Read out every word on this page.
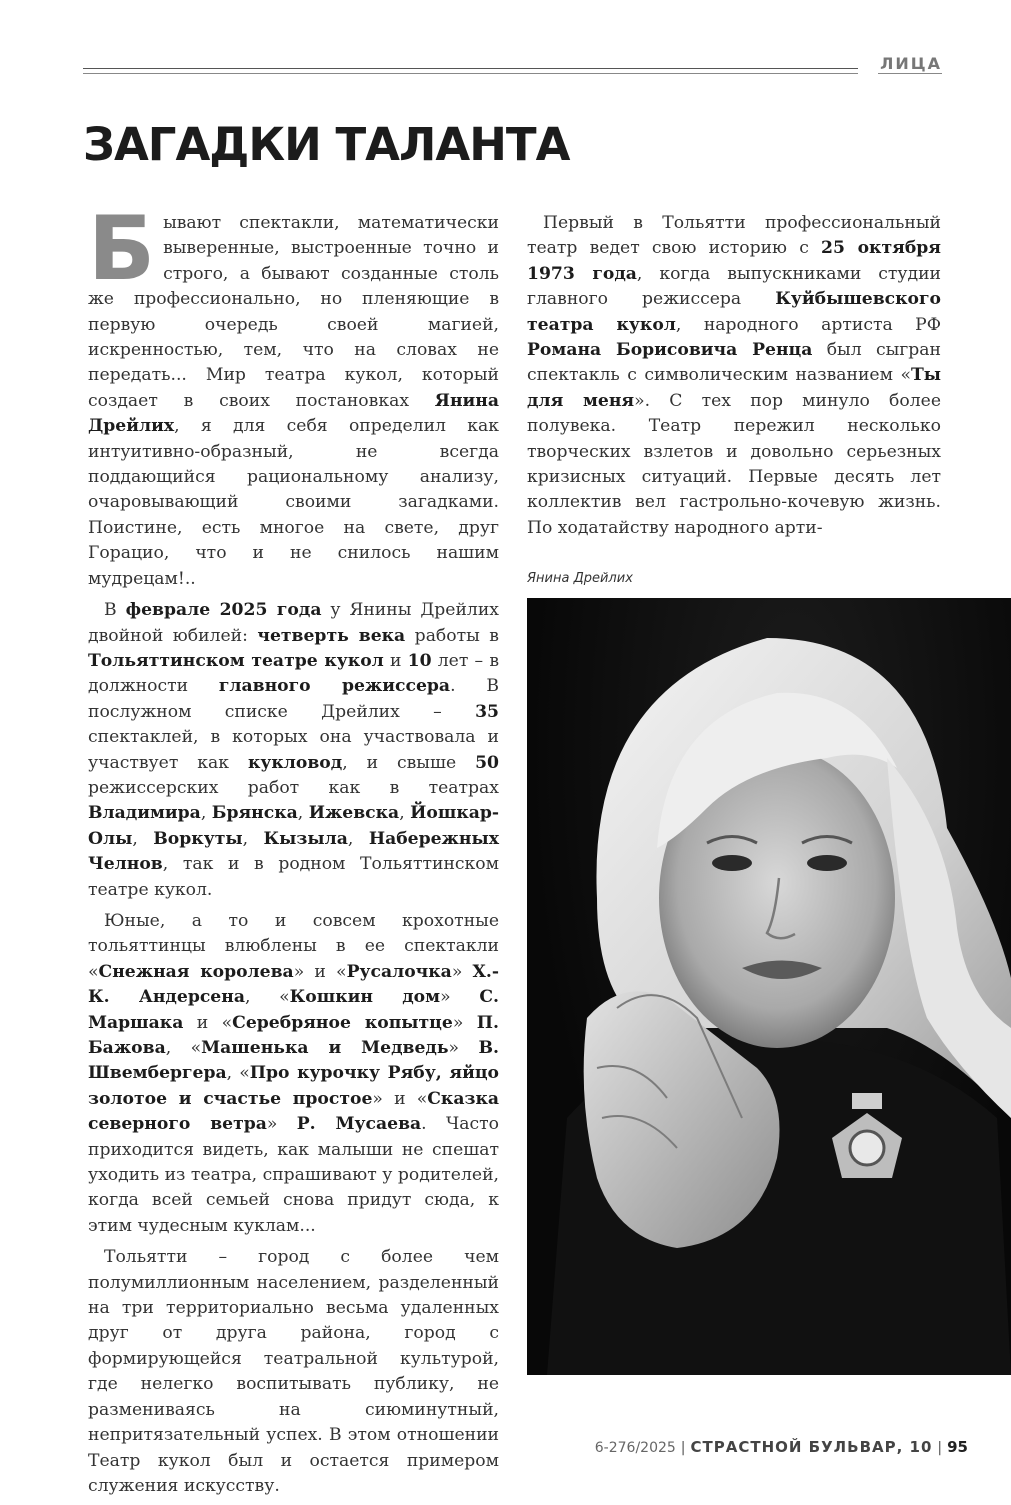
ЛИЦА
ЗАГАДКИ ТАЛАНТА

Бывают спектакли, математически выверенные, выстроенные точно и строго, а бывают созданные столь же профессионально, но пленяющие в первую очередь своей магией, искренностью, тем, что на словах не передать... Мир театра кукол, который создает в своих постановках Янина Дрейлих, я для себя определил как интуитивно-образный, не всегда поддающийся рациональному анализу, очаровывающий своими загадками. Поистине, есть многое на свете, друг Горацио, что и не снилось нашим мудрецам!..

В феврале 2025 года у Янины Дрейлих двойной юбилей: четверть века работы в Тольяттинском театре кукол и 10 лет – в должности главного режиссера. В послужном списке Дрейлих – 35 спектаклей, в которых она участвовала и участвует как кукловод, и свыше 50 режиссерских работ как в театрах Владимира, Брянска, Ижевска, Йошкар-Олы, Воркуты, Кызыла, Набережных Челнов, так и в родном Тольяттинском театре кукол.

Юные, а то и совсем крохотные тольяттинцы влюблены в ее спектакли «Снежная королева» и «Русалочка» Х.-К. Андерсена, «Кошкин дом» С. Маршака и «Серебряное копытце» П. Бажова, «Машенька и Медведь» В. Швембергера, «Про курочку Рябу, яйцо золотое и счастье простое» и «Сказка северного ветра» Р. Мусаева. Часто приходится видеть, как малыши не спешат уходить из театра, спрашивают у родителей, когда всей семьей снова придут сюда, к этим чудесным куклам...

Тольятти – город с более чем полумиллионным населением, разделенный на три территориально весьма удаленных друг от друга района, город с формирующейся театральной культурой, где нелегко воспитывать публику, не размениваясь на сиюминутный, непритязательный успех. В этом отношении Театр кукол был и остается примером служения искусству.

Первый в Тольятти профессиональный театр ведет свою историю с 25 октября 1973 года, когда выпускниками студии главного режиссера Куйбышевского театра кукол, народного артиста РФ Романа Борисовича Ренца был сыгран спектакль с символическим названием «Ты для меня». С тех пор минуло более полувека. Театр пережил несколько творческих взлетов и довольно серьезных кризисных ситуаций. Первые десять лет коллектив вел гастрольно-кочевую жизнь. По ходатайству народного арти-

Янина Дрейлих
6-276/2025 | СТРАСТНОЙ БУЛЬВАР, 10 | 95
